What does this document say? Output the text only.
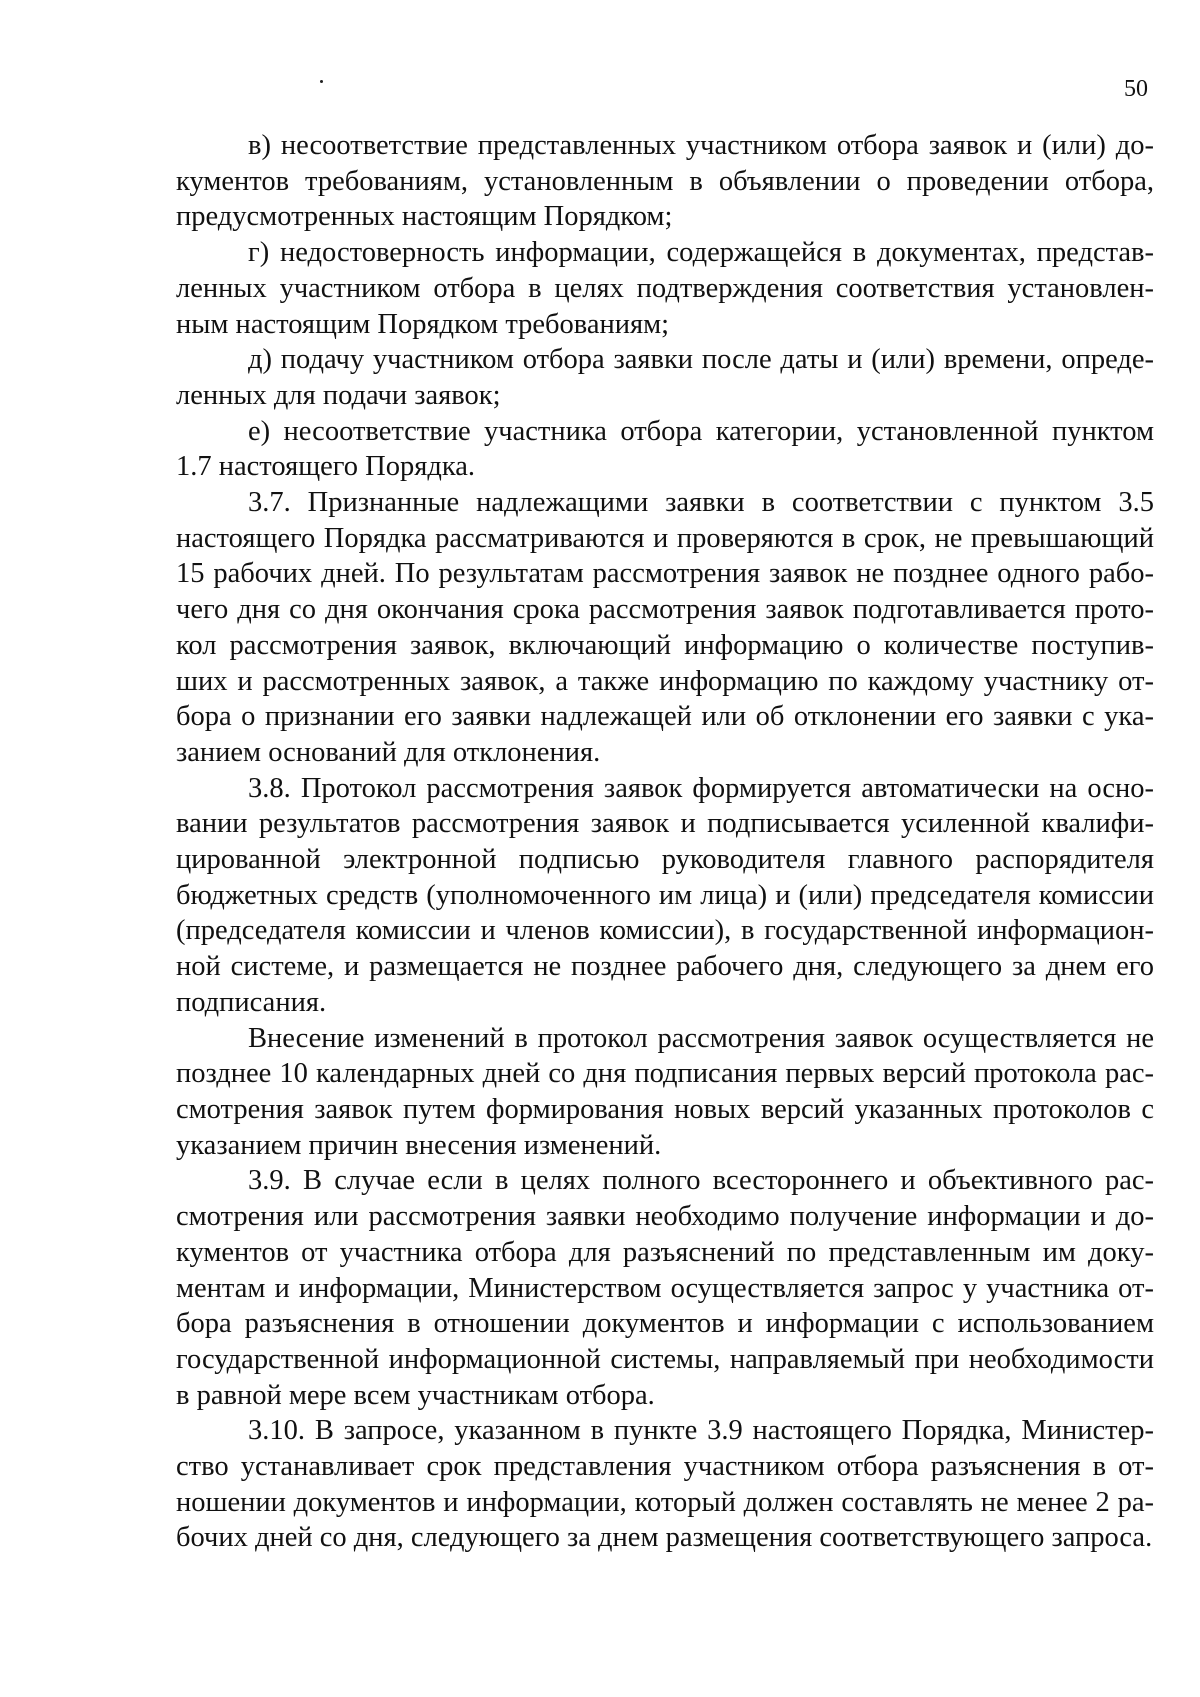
50

в) несоответствие представленных участником отбора заявок и (или) документов требованиям, установленным в объявлении о проведении отбора, предусмотренных настоящим Порядком;

г) недостоверность информации, содержащейся в документах, представленных участником отбора в целях подтверждения соответствия установленным настоящим Порядком требованиям;

д) подачу участником отбора заявки после даты и (или) времени, определенных для подачи заявок;

е) несоответствие участника отбора категории, установленной пунктом 1.7 настоящего Порядка.

3.7. Признанные надлежащими заявки в соответствии с пунктом 3.5 настоящего Порядка рассматриваются и проверяются в срок, не превышающий 15 рабочих дней. По результатам рассмотрения заявок не позднее одного рабочего дня со дня окончания срока рассмотрения заявок подготавливается протокол рассмотрения заявок, включающий информацию о количестве поступивших и рассмотренных заявок, а также информацию по каждому участнику отбора о признании его заявки надлежащей или об отклонении его заявки с указанием оснований для отклонения.

3.8. Протокол рассмотрения заявок формируется автоматически на основании результатов рассмотрения заявок и подписывается усиленной квалифицированной электронной подписью руководителя главного распорядителя бюджетных средств (уполномоченного им лица) и (или) председателя комиссии (председателя комиссии и членов комиссии), в государственной информационной системе, и размещается не позднее рабочего дня, следующего за днем его подписания.

Внесение изменений в протокол рассмотрения заявок осуществляется не позднее 10 календарных дней со дня подписания первых версий протокола рассмотрения заявок путем формирования новых версий указанных протоколов с указанием причин внесения изменений.

3.9. В случае если в целях полного всестороннего и объективного рассмотрения или рассмотрения заявки необходимо получение информации и документов от участника отбора для разъяснений по представленным им документам и информации, Министерством осуществляется запрос у участника отбора разъяснения в отношении документов и информации с использованием государственной информационной системы, направляемый при необходимости в равной мере всем участникам отбора.

3.10. В запросе, указанном в пункте 3.9 настоящего Порядка, Министерство устанавливает срок представления участником отбора разъяснения в отношении документов и информации, который должен составлять не менее 2 рабочих дней со дня, следующего за днем размещения соответствующего запроса.
